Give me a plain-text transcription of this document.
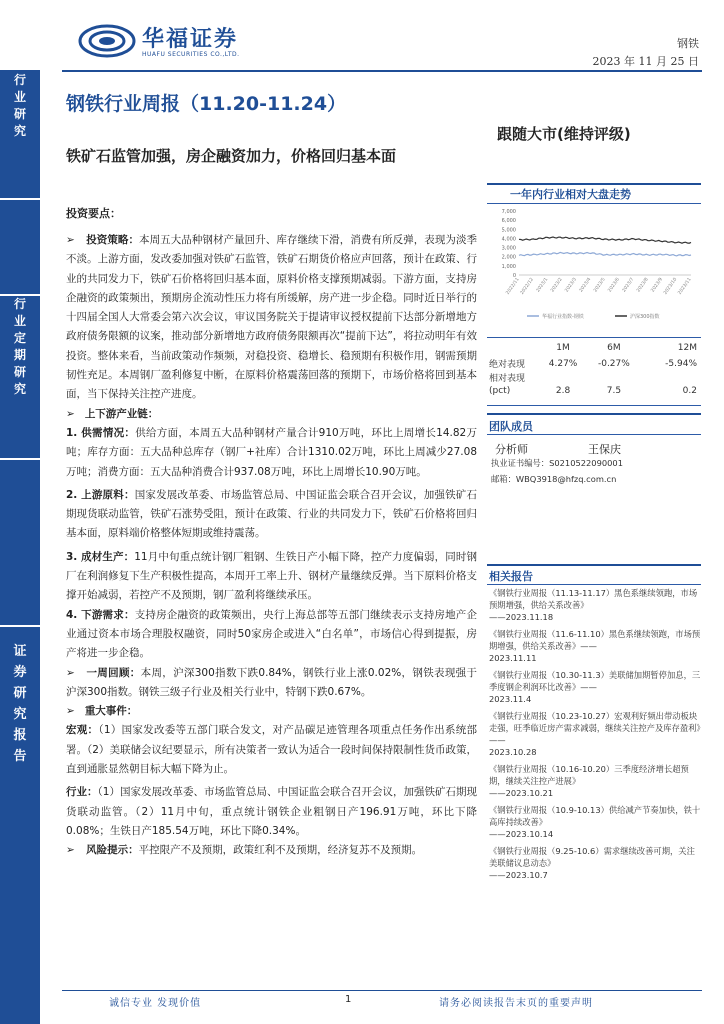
华福证券
HUAFU SECURITIES CO.,LTD.
钢铁
2023 年 11 月 25 日
行
业
研
究
行
业
定
期
研
究
证
券
研
究
报
告
钢铁行业周报（11.20-11.24）
铁矿石监管加强，房企融资加力，价格回归基本面
跟随大市(维持评级)

投资要点：

➢ 投资策略：本周五大品种钢材产量回升、库存继续下滑，消费有所反弹，表现为淡季不淡。上游方面，发改委加强对铁矿石监管，铁矿石期货价格应声回落，预计在政策、行业的共同发力下，铁矿石价格将回归基本面，原料价格支撑预期减弱。下游方面，支持房企融资的政策频出，预期房企流动性压力将有所缓解，房产进一步企稳。同时近日举行的十四届全国人大常委会第六次会议，审议国务院关于提请审议授权提前下达部分新增地方政府债务限额的议案，推动部分新增地方政府债务限额再次“提前下达”，将拉动明年有效投资。整体来看，当前政策动作频频，对稳投资、稳增长、稳预期有积极作用，钢需预期韧性充足。本周钢厂盈利修复中断，在原料价格震荡回落的预期下，市场价格将回到基本面，当下保持关注控产进度。

➢ 上下游产业链：

1. 供需情况：供给方面，本周五大品种钢材产量合计910万吨，环比上周增长14.82万吨；库存方面：五大品种总库存（钢厂+社库）合计1310.02万吨，环比上周减少27.08万吨；消费方面：五大品种消费合计937.08万吨，环比上周增长10.90万吨。

2. 上游原料：国家发展改革委、市场监管总局、中国证监会联合召开会议，加强铁矿石期现货联动监管，铁矿石涨势受阻，预计在政策、行业的共同发力下，铁矿石价格将回归基本面，原料端价格整体短期或维持震荡。

3. 成材生产：11月中旬重点统计钢厂粗钢、生铁日产小幅下降，控产力度偏弱，同时钢厂在利润修复下生产积极性提高，本周开工率上升、钢材产量继续反弹。当下原料价格支撑开始减弱，若控产不及预期，钢厂盈利将继续承压。

4. 下游需求：支持房企融资的政策频出，央行上海总部等五部门继续表示支持房地产企业通过资本市场合理股权融资，同时50家房企或进入“白名单”，市场信心得到提振，房产将进一步企稳。

➢ 一周回顾：本周，沪深300指数下跌0.84%，钢铁行业上涨0.02%，钢铁表现强于沪深300指数。钢铁三级子行业及相关行业中，特钢下跌0.67%。

➢ 重大事件：

宏观：（1）国家发改委等五部门联合发文，对产品碳足迹管理各项重点任务作出系统部署。（2）美联储会议纪要显示，所有决策者一致认为适合一段时间保持限制性货币政策，直到通胀显然朝目标大幅下降为止。

行业：（1）国家发展改革委、市场监管总局、中国证监会联合召开会议，加强铁矿石期现货联动监管。（2）11月中旬，重点统计钢铁企业粗钢日产196.91万吨，环比下降0.08%；生铁日产185.54万吨，环比下降0.34%。

➢ 风险提示：平控限产不及预期，政策红利不及预期，经济复苏不及预期。

一年内行业相对大盘走势
7,000
6,000
5,000
4,000
3,000
2,000
1,000
0
2022/11 2022/12 2023/1 2023/2 2023/3 2023/4 2023/5 2023/6 2023/7 2023/8 2023/9 2023/10 2023/11
华福行业指数-钢铁	沪深300指数
	1M	6M	12M
绝对表现	4.27%	-0.27%	-5.94%
相对表现			
(pct)	2.8	7.5	0.2
团队成员
分析师	王保庆
执业证书编号：S0210522090001
邮箱：WBQ3918@hfzq.com.cn
相关报告
《钢铁行业周报（11.13-11.17）黑色系继续领跑，市场预期增强，供给关系改善》
——2023.11.18
《钢铁行业周报（11.6-11.10）黑色系继续领跑，市场预期增强，供给关系改善》——
2023.11.11
《钢铁行业周报（10.30-11.3）美联储加期暂停加息，三季度钢企利润环比改善》——
2023.11.4
《钢铁行业周报（10.23-10.27）宏观利好频出带动板块走强，旺季临近房产需求减弱，继续关注控产及库存盈利》——
2023.10.28
《钢铁行业周报（10.16-10.20）三季度经济增长超预期，继续关注控产进展》
——2023.10.21
《钢铁行业周报（10.9-10.13）供给减产节奏加快，铁十高库持续改善》
——2023.10.14
《钢铁行业周报（9.25-10.6）需求继续改善可期，关注美联储议息动态》
——2023.10.7
诚信专业 发现价值	1	请务必阅读报告末页的重要声明
